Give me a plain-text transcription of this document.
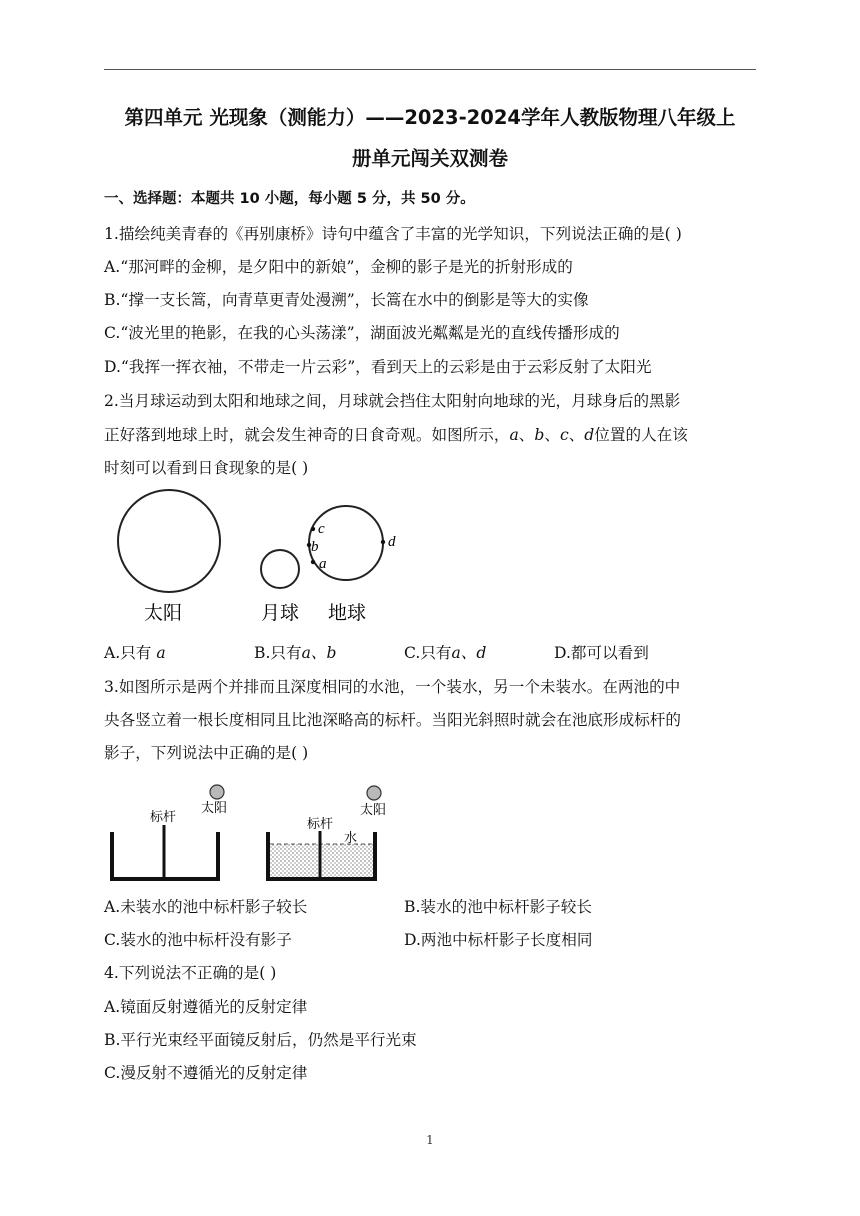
第四单元 光现象（测能力）——2023-2024学年人教版物理八年级上
册单元闯关双测卷
一、选择题：本题共 10 小题，每小题 5 分，共 50 分。
1.描绘纯美青春的《再别康桥》诗句中蕴含了丰富的光学知识，下列说法正确的是( )
A.“那河畔的金柳，是夕阳中的新娘”，金柳的影子是光的折射形成的
B.“撑一支长篙，向青草更青处漫溯”，长篙在水中的倒影是等大的实像
C.“波光里的艳影，在我的心头荡漾”，湖面波光粼粼是光的直线传播形成的
D.“我挥一挥衣袖，不带走一片云彩”，看到天上的云彩是由于云彩反射了太阳光
2.当月球运动到太阳和地球之间，月球就会挡住太阳射向地球的光，月球身后的黑影
正好落到地球上时，就会发生神奇的日食奇观。如图所示，a、b、c、d位置的人在该
时刻可以看到日食现象的是( )
c
b
a
d
太阳	月球 地球
A.只有 a	B.只有a、b	C.只有a、d	D.都可以看到
3.如图所示是两个并排而且深度相同的水池，一个装水，另一个未装水。在两池的中
央各竖立着一根长度相同且比池深略高的标杆。当阳光斜照时就会在池底形成标杆的
影子，下列说法中正确的是( )
标杆
太阳
标杆
水
太阳
A.未装水的池中标杆影子较长	B.装水的池中标杆影子较长
C.装水的池中标杆没有影子	D.两池中标杆影子长度相同
4.下列说法不正确的是( )
A.镜面反射遵循光的反射定律
B.平行光束经平面镜反射后，仍然是平行光束
C.漫反射不遵循光的反射定律
1
